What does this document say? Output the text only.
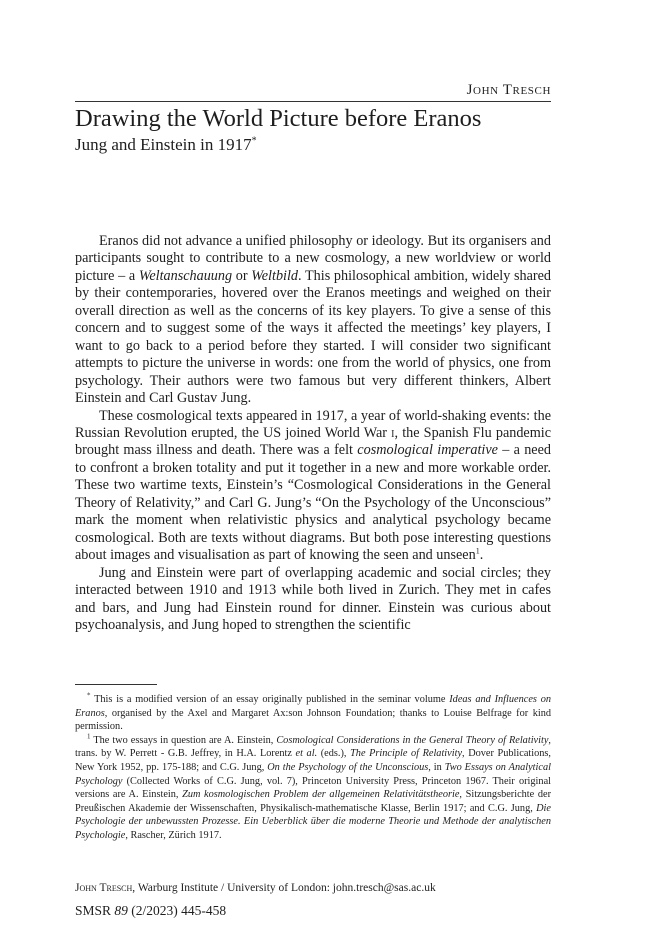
John Tresch
Drawing the World Picture before Eranos
Jung and Einstein in 1917*

Eranos did not advance a unified philosophy or ideology. But its organisers and participants sought to contribute to a new cosmology, a new worldview or world picture – a Weltanschauung or Weltbild. This philosophical ambition, widely shared by their contemporaries, hovered over the Eranos meetings and weighed on their overall direction as well as the concerns of its key players. To give a sense of this concern and to suggest some of the ways it affected the meetings’ key players, I want to go back to a period before they started. I will consider two significant attempts to picture the universe in words: one from the world of physics, one from psychology. Their authors were two famous but very different thinkers, Albert Einstein and Carl Gustav Jung.

These cosmological texts appeared in 1917, a year of world-shaking events: the Russian Revolution erupted, the US joined World War i, the Spanish Flu pandemic brought mass illness and death. There was a felt cosmological imperative – a need to confront a broken totality and put it together in a new and more workable order. These two wartime texts, Einstein’s “Cosmological Considerations in the General Theory of Relativity,” and Carl G. Jung’s “On the Psychology of the Unconscious” mark the moment when relativistic physics and analytical psychology became cosmological. Both are texts without diagrams. But both pose interesting questions about images and visualisation as part of knowing the seen and unseen$^1$.

Jung and Einstein were part of overlapping academic and social circles; they interacted between 1910 and 1913 while both lived in Zurich. They met in cafes and bars, and Jung had Einstein round for dinner. Einstein was curious about psychoanalysis, and Jung hoped to strengthen the scientific

* This is a modified version of an essay originally published in the seminar volume Ideas and Influences on Eranos, organised by the Axel and Margaret Ax:son Johnson Foundation; thanks to Louise Belfrage for kind permission.

$^1$ The two essays in question are A. Einstein, Cosmological Considerations in the General Theory of Relativity, trans. by W. Perrett - G.B. Jeffrey, in H.A. Lorentz et al. (eds.), The Principle of Relativity, Dover Publications, New York 1952, pp. 175-188; and C.G. Jung, On the Psychology of the Unconscious, in Two Essays on Analytical Psychology (Collected Works of C.G. Jung, vol. 7), Princeton University Press, Princeton 1967. Their original versions are A. Einstein, Zum kosmologischen Problem der allgemeinen Relativitätstheorie, Sitzungsberichte der Preußischen Akademie der Wissenschaften, Physikalisch-mathematische Klasse, Berlin 1917; and C.G. Jung, Die Psychologie der unbewussten Prozesse. Ein Ueberblick über die moderne Theorie und Methode der analytischen Psychologie, Rascher, Zürich 1917.

John Tresch, Warburg Institute / University of London: john.tresch@sas.ac.uk
SMSR 89 (2/2023) 445-458
